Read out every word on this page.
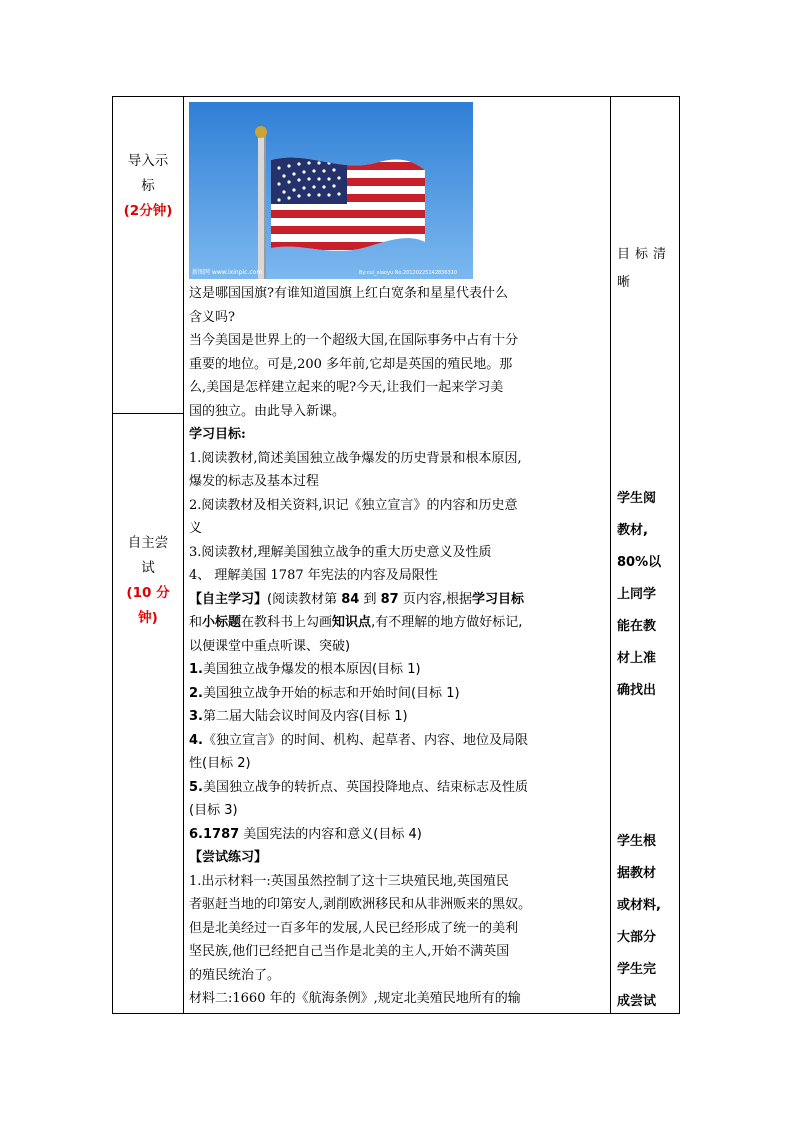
导入示
标
(2分钟)
自主尝
试
(10 分
钟)
新图网 www.ixinpic.com	By:cui_xiaoyu No.20120225142836310
这是哪国国旗?有谁知道国旗上红白宽条和星星代表什么
含义吗?
当今美国是世界上的一个超级大国,在国际事务中占有十分
重要的地位。可是,200 多年前,它却是英国的殖民地。那
么,美国是怎样建立起来的呢?今天,让我们一起来学习美
国的独立。由此导入新课。
学习目标:
1.阅读教材,简述美国独立战争爆发的历史背景和根本原因,
爆发的标志及基本过程
2.阅读教材及相关资料,识记《独立宣言》的内容和历史意
义
3.阅读教材,理解美国独立战争的重大历史意义及性质
4、 理解美国 1787 年宪法的内容及局限性
【自主学习】(阅读教材第 84 到 87 页内容,根据学习目标
和小标题在教科书上勾画知识点,有不理解的地方做好标记,
以便课堂中重点听课、突破)
1.美国独立战争爆发的根本原因(目标 1)
2.美国独立战争开始的标志和开始时间(目标 1)
3.第二届大陆会议时间及内容(目标 1)
4.《独立宣言》的时间、机构、起草者、内容、地位及局限
性(目标 2)
5.美国独立战争的转折点、英国投降地点、结束标志及性质
(目标 3)
6.1787 美国宪法的内容和意义(目标 4)
【尝试练习】
1.出示材料一:英国虽然控制了这十三块殖民地,英国殖民
者驱赶当地的印第安人,剥削欧洲移民和从非洲贩来的黑奴。
但是北美经过一百多年的发展,人民已经形成了统一的美利
坚民族,他们已经把自己当作是北美的主人,开始不满英国
的殖民统治了。
材料二:1660 年的《航海条例》,规定北美殖民地所有的输
目标清
晰
学生阅
教材,
80%以
上同学
能在教
材上准
确找出
学生根
据教材
或材料,
大部分
学生完
成尝试
